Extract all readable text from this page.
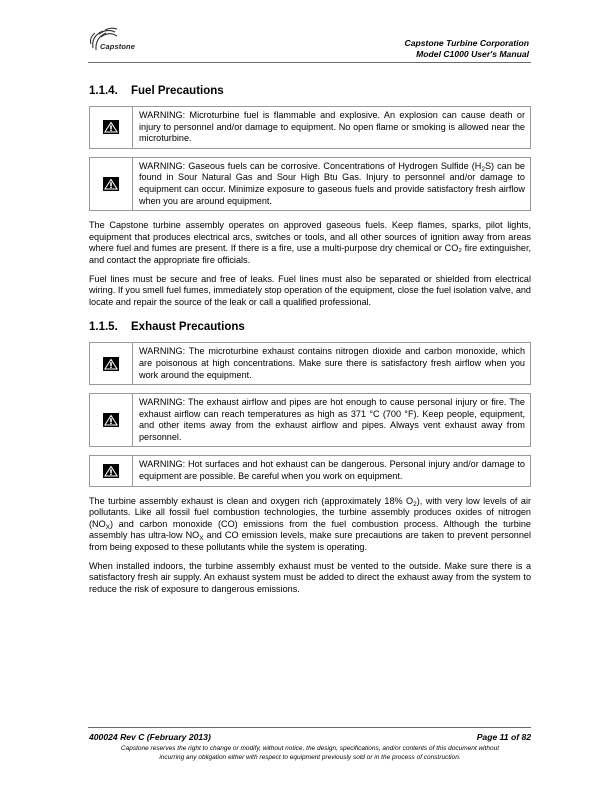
Capstone	Capstone Turbine Corporation
Model C1000 User's Manual
1.1.4. Fuel Precautions
WARNING: Microturbine fuel is flammable and explosive. An explosion can cause death or injury to personnel and/or damage to equipment. No open flame or smoking is allowed near the microturbine.
WARNING: Gaseous fuels can be corrosive. Concentrations of Hydrogen Sulfide $(H_2S)$ can be found in Sour Natural Gas and Sour High Btu Gas. Injury to personnel and/or damage to equipment can occur. Minimize exposure to gaseous fuels and provide satisfactory fresh airflow when you are around equipment.

The Capstone turbine assembly operates on approved gaseous fuels. Keep flames, sparks, pilot lights, equipment that produces electrical arcs, switches or tools, and all other sources of ignition away from areas where fuel and fumes are present. If there is a fire, use a multi-purpose dry chemical or CO₂ fire extinguisher, and contact the appropriate fire officials.

Fuel lines must be secure and free of leaks. Fuel lines must also be separated or shielded from electrical wiring. If you smell fuel fumes, immediately stop operation of the equipment, close the fuel isolation valve, and locate and repair the source of the leak or call a qualified professional.

1.1.5. Exhaust Precautions
WARNING: The microturbine exhaust contains nitrogen dioxide and carbon monoxide, which are poisonous at high concentrations. Make sure there is satisfactory fresh airflow when you work around the equipment.
WARNING: The exhaust airflow and pipes are hot enough to cause personal injury or fire. The exhaust airflow can reach temperatures as high as 371 °C (700 °F). Keep people, equipment, and other items away from the exhaust airflow and pipes. Always vent exhaust away from personnel.
WARNING: Hot surfaces and hot exhaust can be dangerous. Personal injury and/or damage to equipment are possible. Be careful when you work on equipment.

The turbine assembly exhaust is clean and oxygen rich (approximately 18% $O_2$), with very low levels of air pollutants. Like all fossil fuel combustion technologies, the turbine assembly produces oxides of nitrogen $(NO_X)$ and carbon monoxide (CO) emissions from the fuel combustion process. Although the turbine assembly has ultra-low $NO_X$ and CO emission levels, make sure precautions are taken to prevent personnel from being exposed to these pollutants while the system is operating.

When installed indoors, the turbine assembly exhaust must be vented to the outside. Make sure there is a satisfactory fresh air supply. An exhaust system must be added to direct the exhaust away from the system to reduce the risk of exposure to dangerous emissions.

400024 Rev C (February 2013)	Page 11 of 82
Capstone reserves the right to change or modify, without notice, the design, specifications, and/or contents of this document without
incurring any obligation either with respect to equipment previously sold or in the process of construction.
